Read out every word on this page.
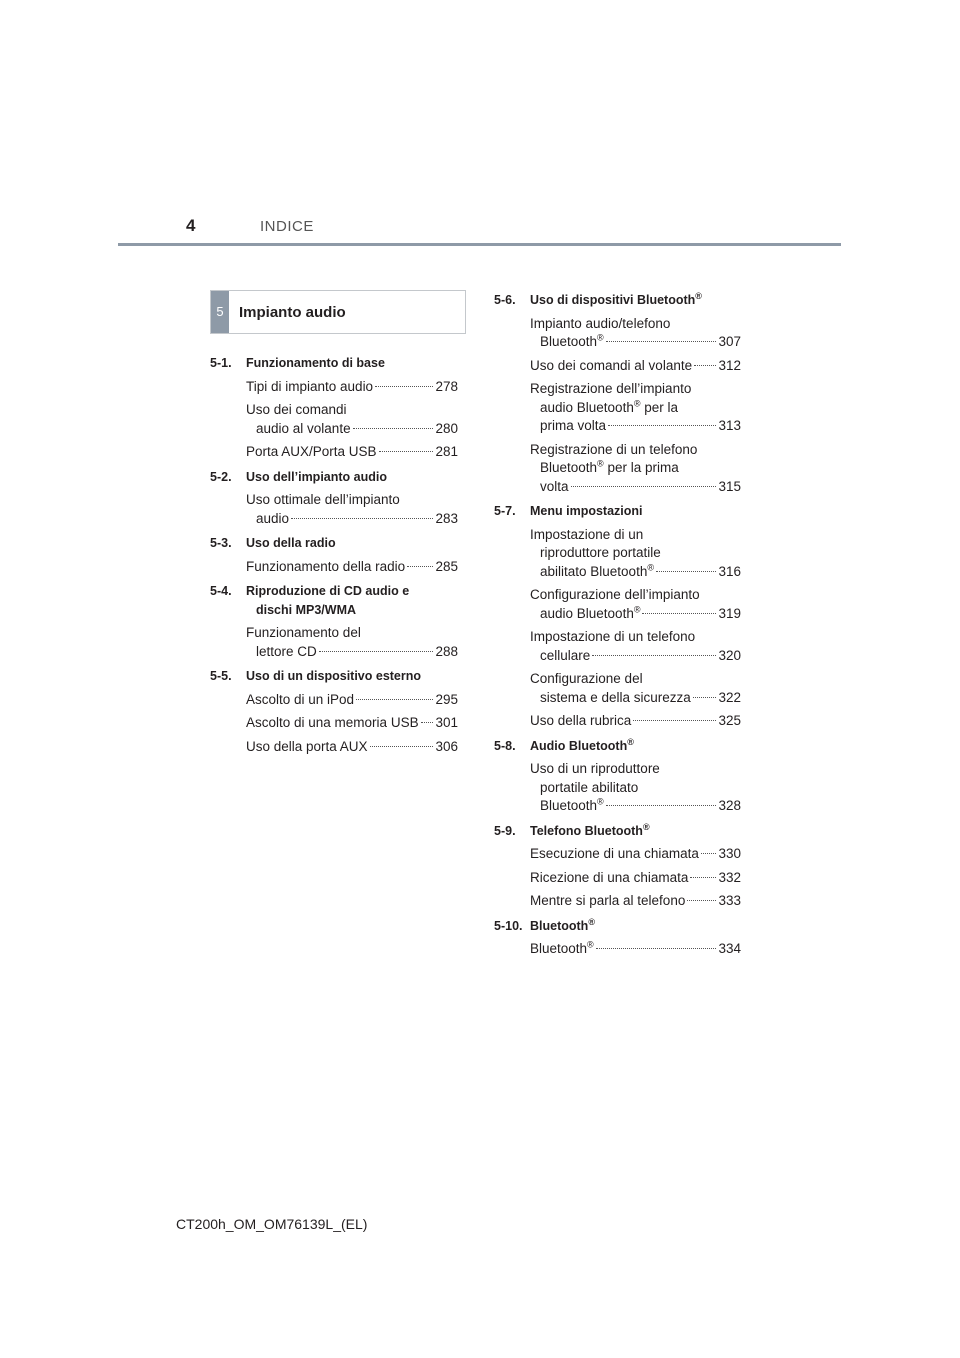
4	INDICE
5	Impianto audio
5-1.	Funzionamento di base
Tipi di impianto audio	278
Uso dei comandi
audio al volante	280
Porta AUX/Porta USB	281
5-2.	Uso dell’impianto audio
Uso ottimale dell’impianto
audio	283
5-3.	Uso della radio
Funzionamento della radio 285
5-4.	Riproduzione di CD audio e
dischi MP3/WMA
Funzionamento del
lettore CD	288
5-5.	Uso di un dispositivo esterno
Ascolto di un iPod	295
Ascolto di una memoria USB 301
Uso della porta AUX	306
5-6.	Uso di dispositivi Bluetooth®
Impianto audio/telefono
Bluetooth®	307
Uso dei comandi al volante 312
Registrazione dell’impianto
audio Bluetooth® per la
prima volta	313
Registrazione di un telefono
Bluetooth® per la prima
volta	315
5-7.	Menu impostazioni
Impostazione di un
riproduttore portatile
abilitato Bluetooth®	316
Configurazione dell’impianto
audio Bluetooth®	319
Impostazione di un telefono
cellulare	320
Configurazione del
sistema e della sicurezza 322
Uso della rubrica	325
5-8.	Audio Bluetooth®
Uso di un riproduttore
portatile abilitato
Bluetooth®	328
5-9.	Telefono Bluetooth®
Esecuzione di una chiamata 330
Ricezione di una chiamata 332
Mentre si parla al telefono 333
5-10. Bluetooth®
Bluetooth®	334
CT200h_OM_OM76139L_(EL)
